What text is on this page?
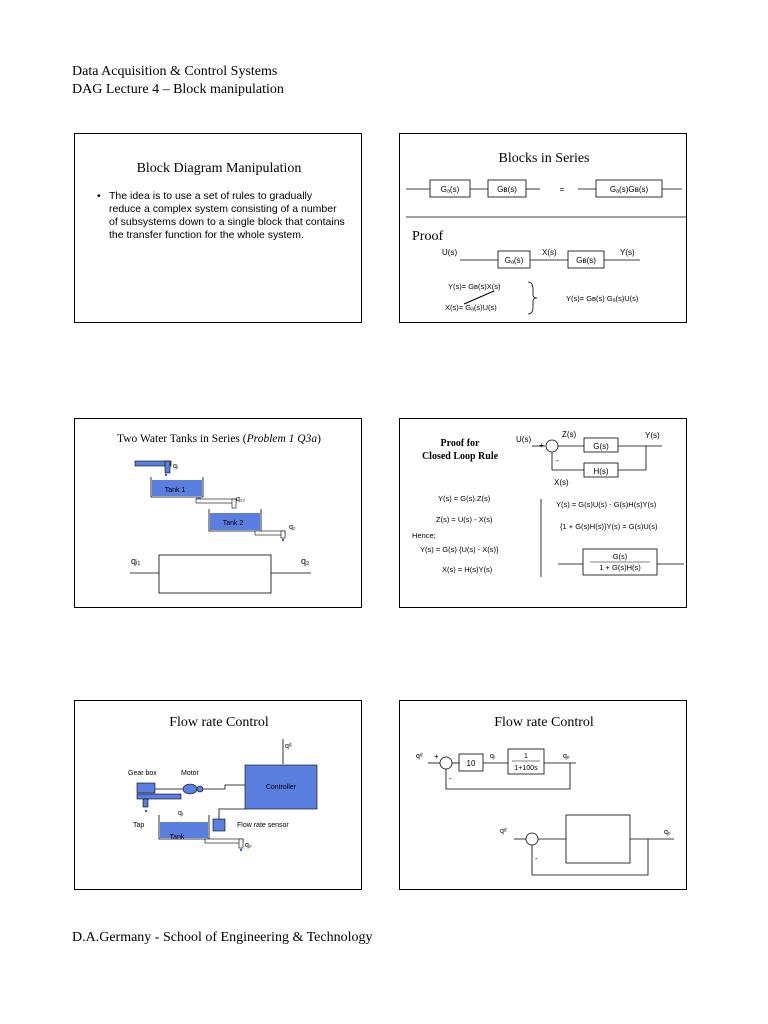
Data Acquisition & Control Systems
DAG Lecture 4 – Block manipulation
Block Diagram Manipulation
• The idea is to use a set of rules to gradually reduce a complex system consisting of a number of subsystems down to a single block that contains the transfer function for the whole system.
Blocks in Series
Gₐ(s)	Gʙ(s)	=	Gₐ(s)Gʙ(s)
Proof
U(s)
Gₐ(s)
X(s)
Gʙ(s)
Y(s)
Y(s)= Gʙ(s)X(s)
X(s)= Gₐ(s)U(s)
Y(s)= Gʙ(s) Gₐ(s)U(s)
Two Water Tanks in Series (Problem 1 Q3a)
qᵢ
Tank 1
q₁₂
Tank 2
q₂
qᵢ₁	q₂
Proof for
Closed Loop Rule
U(s)
+
Z(s)	Y(s)
G(s)
H(s)
-
X(s)
Y(s) = G(s).Z(s)
Z(s) = U(s) - X(s)
Hence;
Y(s) = G(s) {U(s) - X(s)}
X(s) = H(s)Y(s)
Y(s) = G(s)U(s) - G(s)H(s)Y(s)
{1 + G(s)H(s)}Y(s) = G(s)U(s)
G(s)
1 + G(s)H(s)
Flow rate Control
qᵈ
Controller
Gear box	Motor
qᵢ
Tap
Tank
Flow rate sensor
qₒ
Flow rate Control
qᵈ +
10
qᵢ	1
1+100s
qₒ
-
qᵈ	qₒ
-
D.A.Germany - School of Engineering & Technology
